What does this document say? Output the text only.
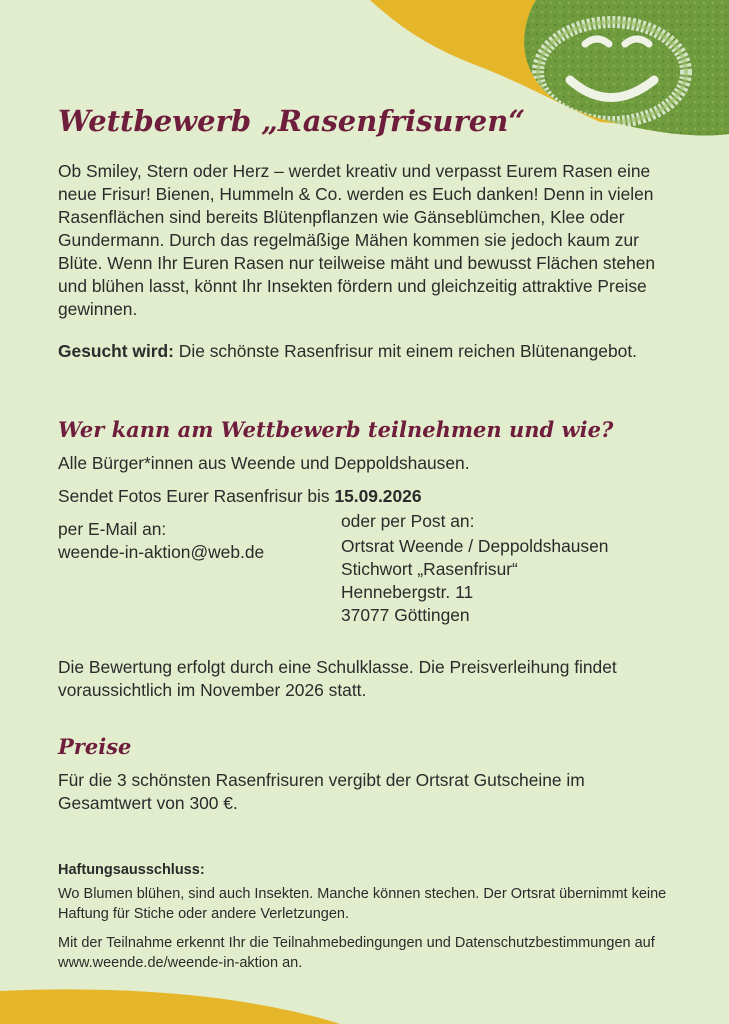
Wettbewerb „Rasenfrisuren“

Ob Smiley, Stern oder Herz – werdet kreativ und verpasst Eurem Rasen eine neue Frisur! Bienen, Hummeln & Co. werden es Euch danken! Denn in vielen Rasenflächen sind bereits Blütenpflanzen wie Gänseblümchen, Klee oder Gundermann. Durch das regelmäßige Mähen kommen sie jedoch kaum zur Blüte. Wenn Ihr Euren Rasen nur teilweise mäht und bewusst Flächen stehen und blühen lasst, könnt Ihr Insekten fördern und gleichzeitig attraktive Preise gewinnen.

Gesucht wird: Die schönste Rasenfrisur mit einem reichen Blütenangebot.

Wer kann am Wettbewerb teilnehmen und wie?

Alle Bürger*innen aus Weende und Deppoldshausen.

Sendet Fotos Eurer Rasenfrisur bis 15.09.2026

per E-Mail an:
weende-in-aktion@web.de
oder per Post an:
Ortsrat Weende / Deppoldshausen
Stichwort „Rasenfrisur“
Hennebergstr. 11
37077 Göttingen

Die Bewertung erfolgt durch eine Schulklasse. Die Preisverleihung findet voraussichtlich im November 2026 statt.

Preise

Für die 3 schönsten Rasenfrisuren vergibt der Ortsrat Gutscheine im Gesamtwert von 300 €.

Haftungsausschluss:

Wo Blumen blühen, sind auch Insekten. Manche können stechen. Der Ortsrat übernimmt keine Haftung für Stiche oder andere Verletzungen.

Mit der Teilnahme erkennt Ihr die Teilnahmebedingungen und Datenschutzbestimmungen auf www.weende.de/weende-in-aktion an.
